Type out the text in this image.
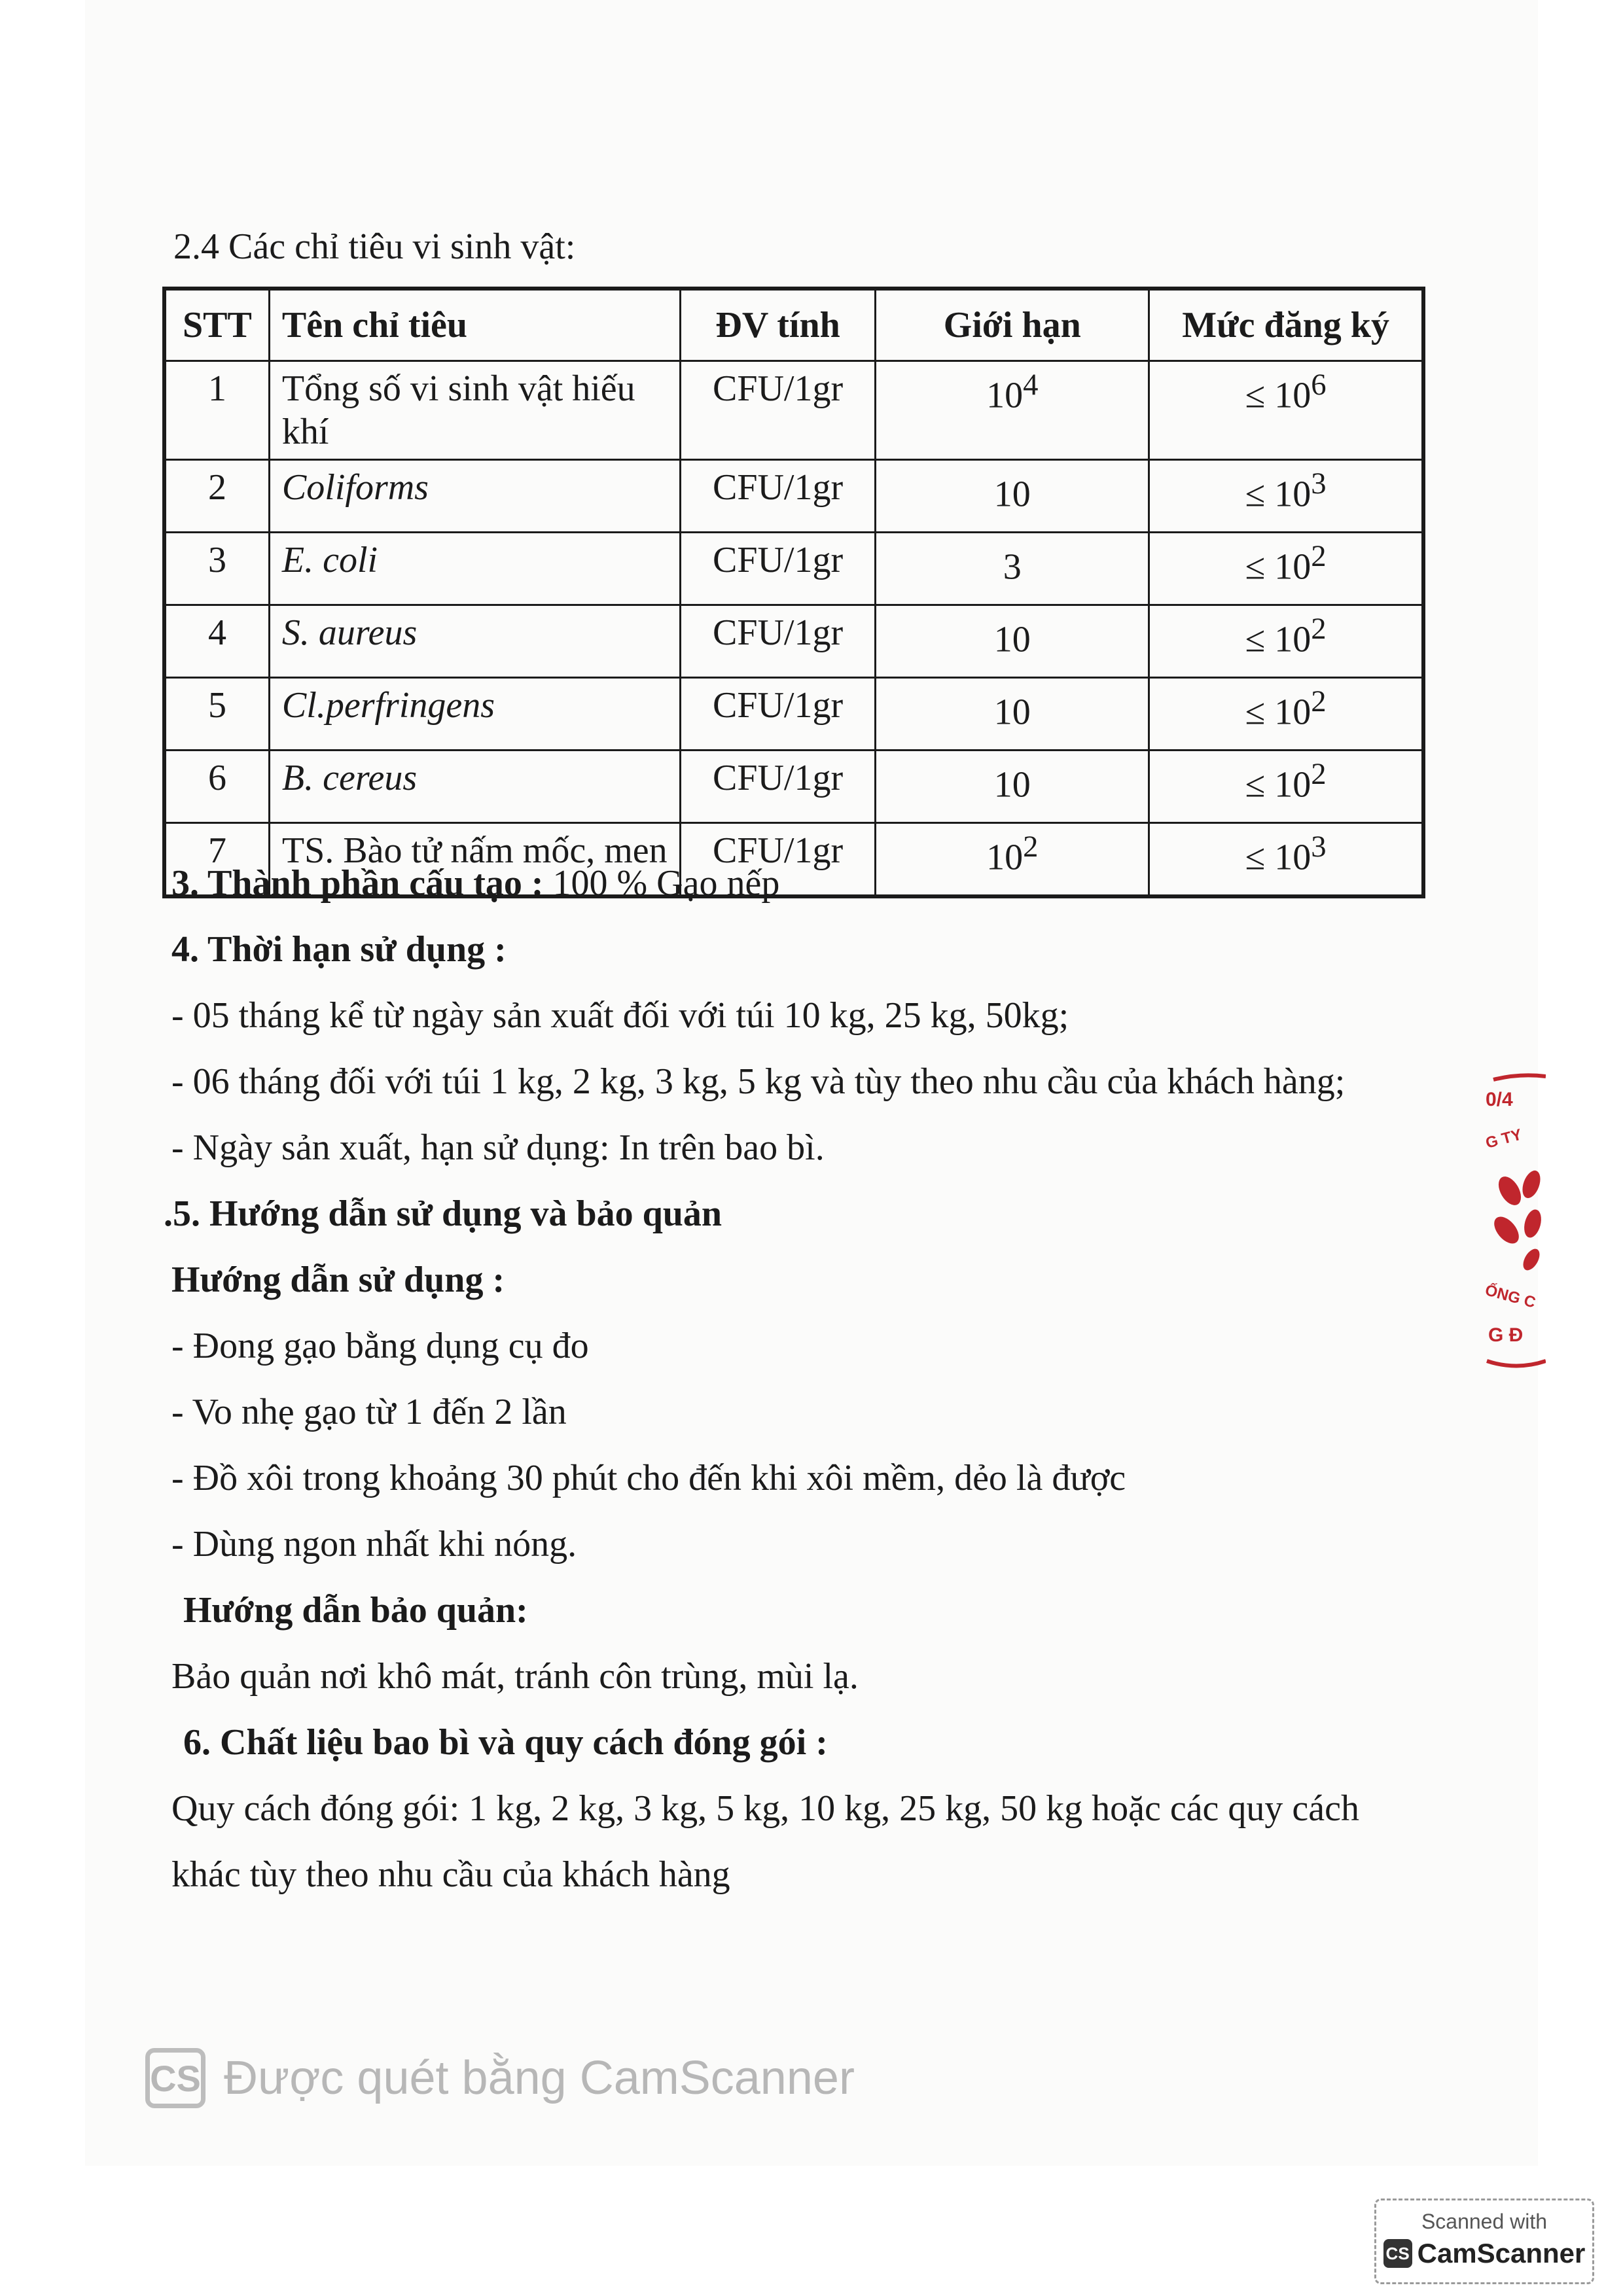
2.4 Các chỉ tiêu vi sinh vật:
STT	Tên chỉ tiêu	ĐV tính	Giới hạn	Mức đăng ký
1	Tổng số vi sinh vật hiếu khí	CFU/1gr	$10^4$	≤ $10^6$
2	Coliforms	CFU/1gr	10	≤ $10^3$
3	E. coli	CFU/1gr	3	≤ $10^2$
4	S. aureus	CFU/1gr	10	≤ $10^2$
5	Cl.perfringens	CFU/1gr	10	≤ $10^2$
6	B. cereus	CFU/1gr	10	≤ $10^2$
7	TS. Bào tử nấm mốc, men	CFU/1gr	$10^2$	≤ $10^3$
3. Thành phần cấu tạo : 100 % Gạo nếp
4. Thời hạn sử dụng :
- 05 tháng kể từ ngày sản xuất đối với túi 10 kg, 25 kg, 50kg;
- 06 tháng đối với túi 1 kg, 2 kg, 3 kg, 5 kg và tùy theo nhu cầu của khách hàng;
- Ngày sản xuất, hạn sử dụng: In trên bao bì.
.5. Hướng dẫn sử dụng và bảo quản
Hướng dẫn sử dụng :
- Đong gạo bằng dụng cụ đo
- Vo nhẹ gạo từ 1 đến 2 lần
- Đồ xôi trong khoảng 30 phút cho đến khi xôi mềm, dẻo là được
- Dùng ngon nhất khi nóng.
Hướng dẫn bảo quản:
Bảo quản nơi khô mát, tránh côn trùng, mùi lạ.
6. Chất liệu bao bì và quy cách đóng gói :
Quy cách đóng gói: 1 kg, 2 kg, 3 kg, 5 kg, 10 kg, 25 kg, 50 kg hoặc các quy cách
khác tùy theo nhu cầu của khách hàng
0/4
G TY
ỐNG C
G Đ
CS Được quét bằng CamScanner
Scanned with
CS CamScanner
